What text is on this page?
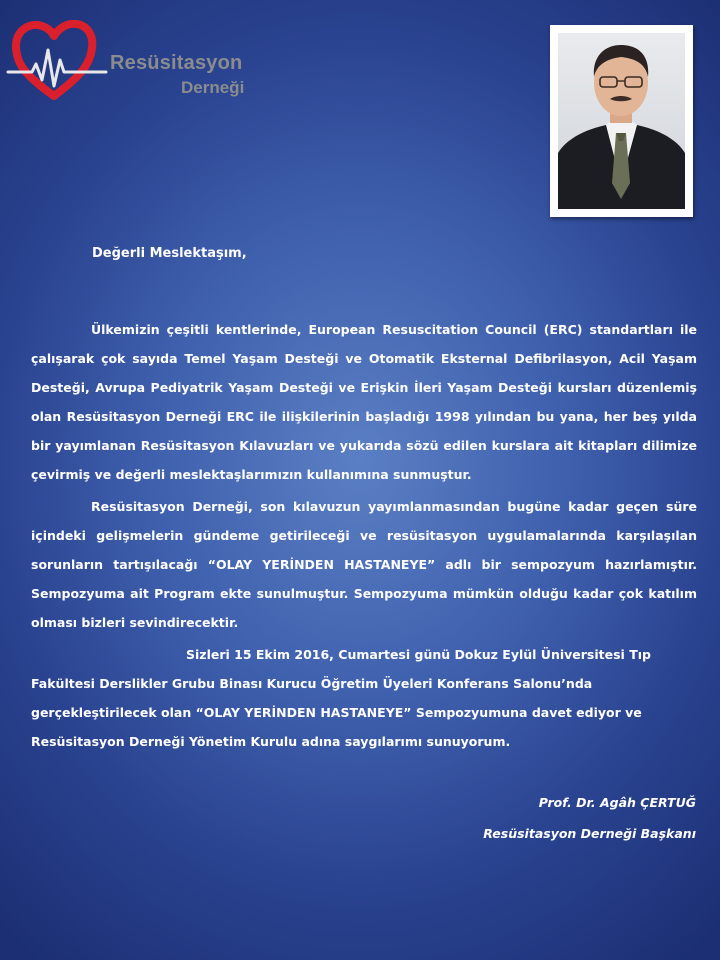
Resüsitasyon
Derneği
Değerli Meslektaşım,
Ülkemizin çeşitli kentlerinde, European Resuscitation Council (ERC) standartları ile çalışarak çok sayıda Temel Yaşam Desteği ve Otomatik Eksternal Defibrilasyon, Acil Yaşam Desteği, Avrupa Pediyatrik Yaşam Desteği ve Erişkin İleri Yaşam Desteği kursları düzenlemiş olan Resüsitasyon Derneği ERC ile ilişkilerinin başladığı 1998 yılından bu yana, her beş yılda bir yayımlanan Resüsitasyon Kılavuzları ve yukarıda sözü edilen kurslara ait kitapları dilimize çevirmiş ve değerli meslektaşlarımızın kullanımına sunmuştur.
Resüsitasyon Derneği, son kılavuzun yayımlanmasından bugüne kadar geçen süre içindeki gelişmelerin gündeme getirileceği ve resüsitasyon uygulamalarında karşılaşılan sorunların tartışılacağı “OLAY YERİNDEN HASTANEYE” adlı bir sempozyum hazırlamıştır. Sempozyuma ait Program ekte sunulmuştur. Sempozyuma mümkün olduğu kadar çok katılım olması bizleri sevindirecektir.
Sizleri 15 Ekim 2016, Cumartesi günü Dokuz Eylül Üniversitesi Tıp Fakültesi Derslikler Grubu Binası Kurucu Öğretim Üyeleri Konferans Salonu’nda gerçekleştirilecek olan “OLAY YERİNDEN HASTANEYE” Sempozyumuna davet ediyor ve Resüsitasyon Derneği Yönetim Kurulu adına saygılarımı sunuyorum.
Prof. Dr. Agâh ÇERTUĞ
Resüsitasyon Derneği Başkanı
